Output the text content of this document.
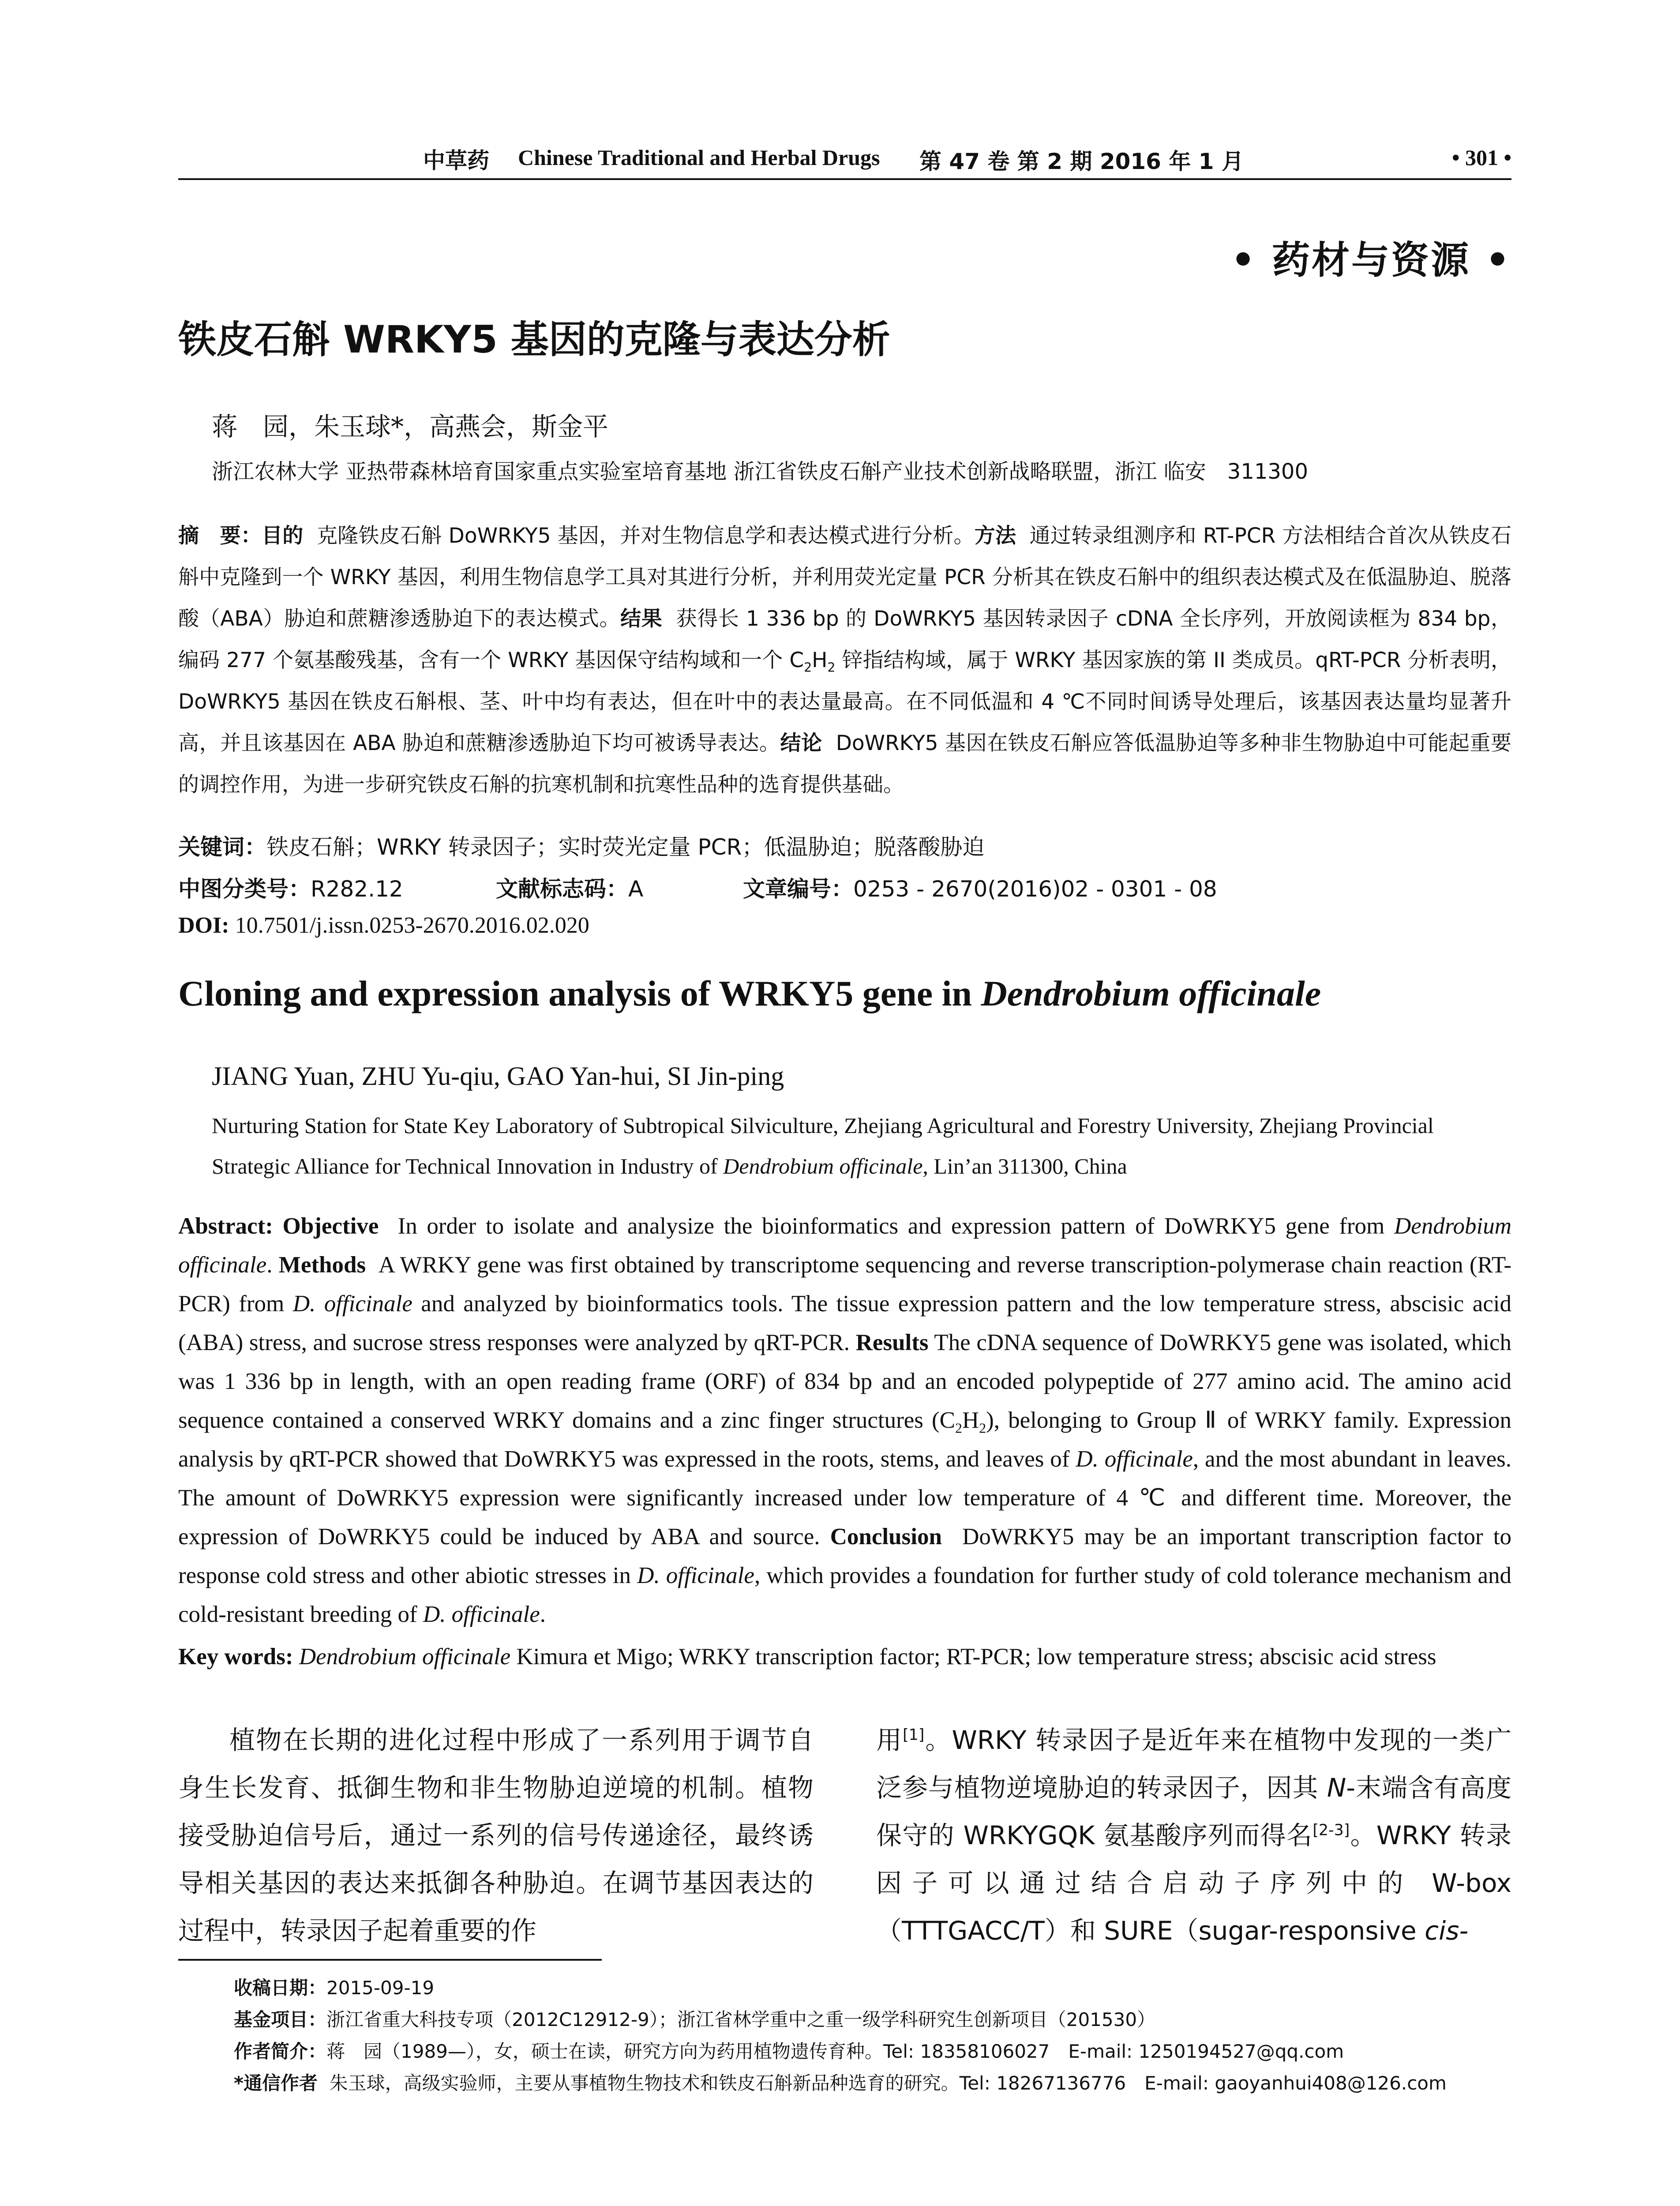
中草药 Chinese Traditional and Herbal Drugs 第 47 卷 第 2 期 2016 年 1 月	• 301 •
• 药材与资源 •
铁皮石斛 WRKY5 基因的克隆与表达分析
蒋　园，朱玉球*，高燕会，斯金平
浙江农林大学 亚热带森林培育国家重点实验室培育基地 浙江省铁皮石斛产业技术创新战略联盟，浙江 临安　311300
摘　要：目的 克隆铁皮石斛 DoWRKY5 基因，并对生物信息学和表达模式进行分析。方法 通过转录组测序和 RT-PCR 方法相结合首次从铁皮石斛中克隆到一个 WRKY 基因，利用生物信息学工具对其进行分析，并利用荧光定量 PCR 分析其在铁皮石斛中的组织表达模式及在低温胁迫、脱落酸（ABA）胁迫和蔗糖渗透胁迫下的表达模式。结果 获得长 1 336 bp 的 DoWRKY5 基因转录因子 cDNA 全长序列，开放阅读框为 834 bp，编码 277 个氨基酸残基，含有一个 WRKY 基因保守结构域和一个 $C_2H_2$ 锌指结构域，属于 WRKY 基因家族的第 II 类成员。qRT-PCR 分析表明，DoWRKY5 基因在铁皮石斛根、茎、叶中均有表达，但在叶中的表达量最高。在不同低温和 4 ℃不同时间诱导处理后，该基因表达量均显著升高，并且该基因在 ABA 胁迫和蔗糖渗透胁迫下均可被诱导表达。结论 DoWRKY5 基因在铁皮石斛应答低温胁迫等多种非生物胁迫中可能起重要的调控作用，为进一步研究铁皮石斛的抗寒机制和抗寒性品种的选育提供基础。
关键词：铁皮石斛；WRKY 转录因子；实时荧光定量 PCR；低温胁迫；脱落酸胁迫
中图分类号：R282.12	文献标志码：A	文章编号：0253 - 2670(2016)02 - 0301 - 08
DOI: 10.7501/j.issn.0253-2670.2016.02.020
Cloning and expression analysis of WRKY5 gene in Dendrobium officinale
JIANG Yuan, ZHU Yu-qiu, GAO Yan-hui, SI Jin-ping
Nurturing Station for State Key Laboratory of Subtropical Silviculture, Zhejiang Agricultural and Forestry University, Zhejiang Provincial Strategic Alliance for Technical Innovation in Industry of Dendrobium officinale, Lin’an 311300, China
Abstract: Objective In order to isolate and analysize the bioinformatics and expression pattern of DoWRKY5 gene from Dendrobium officinale. Methods A WRKY gene was first obtained by transcriptome sequencing and reverse transcription-polymerase chain reaction (RT-PCR) from D. officinale and analyzed by bioinformatics tools. The tissue expression pattern and the low temperature stress, abscisic acid (ABA) stress, and sucrose stress responses were analyzed by qRT-PCR. Results The cDNA sequence of DoWRKY5 gene was isolated, which was 1 336 bp in length, with an open reading frame (ORF) of 834 bp and an encoded polypeptide of 277 amino acid. The amino acid sequence contained a conserved WRKY domains and a zinc finger structures $(C_2H_2)$, belonging to Group Ⅱ of WRKY family. Expression analysis by qRT-PCR showed that DoWRKY5 was expressed in the roots, stems, and leaves of D. officinale, and the most abundant in leaves. The amount of DoWRKY5 expression were significantly increased under low temperature of 4 ℃ and different time. Moreover, the expression of DoWRKY5 could be induced by ABA and source. Conclusion DoWRKY5 may be an important transcription factor to response cold stress and other abiotic stresses in D. officinale, which provides a foundation for further study of cold tolerance mechanism and cold-resistant breeding of D. officinale.
Key words: Dendrobium officinale Kimura et Migo; WRKY transcription factor; RT-PCR; low temperature stress; abscisic acid stress
植物在长期的进化过程中形成了一系列用于调节自身生长发育、抵御生物和非生物胁迫逆境的机制。植物接受胁迫信号后，通过一系列的信号传递途径，最终诱导相关基因的表达来抵御各种胁迫。在调节基因表达的过程中，转录因子起着重要的作
用[1]。WRKY 转录因子是近年来在植物中发现的一类广泛参与植物逆境胁迫的转录因子，因其 N-末端含有高度保守的 WRKYGQK 氨基酸序列而得名[2-3]。WRKY 转录因子可以通过结合启动子序列中的 W-box（TTTGACC/T）和 SURE（sugar-responsive cis-
收稿日期：2015-09-19
基金项目：浙江省重大科技专项（2012C12912-9）；浙江省林学重中之重一级学科研究生创新项目（201530）
作者简介：蒋　园（1989—），女，硕士在读，研究方向为药用植物遗传育种。Tel: 18358106027　E-mail: 1250194527@qq.com
*通信作者 朱玉球，高级实验师，主要从事植物生物技术和铁皮石斛新品种选育的研究。Tel: 18267136776　E-mail: gaoyanhui408@126.com
